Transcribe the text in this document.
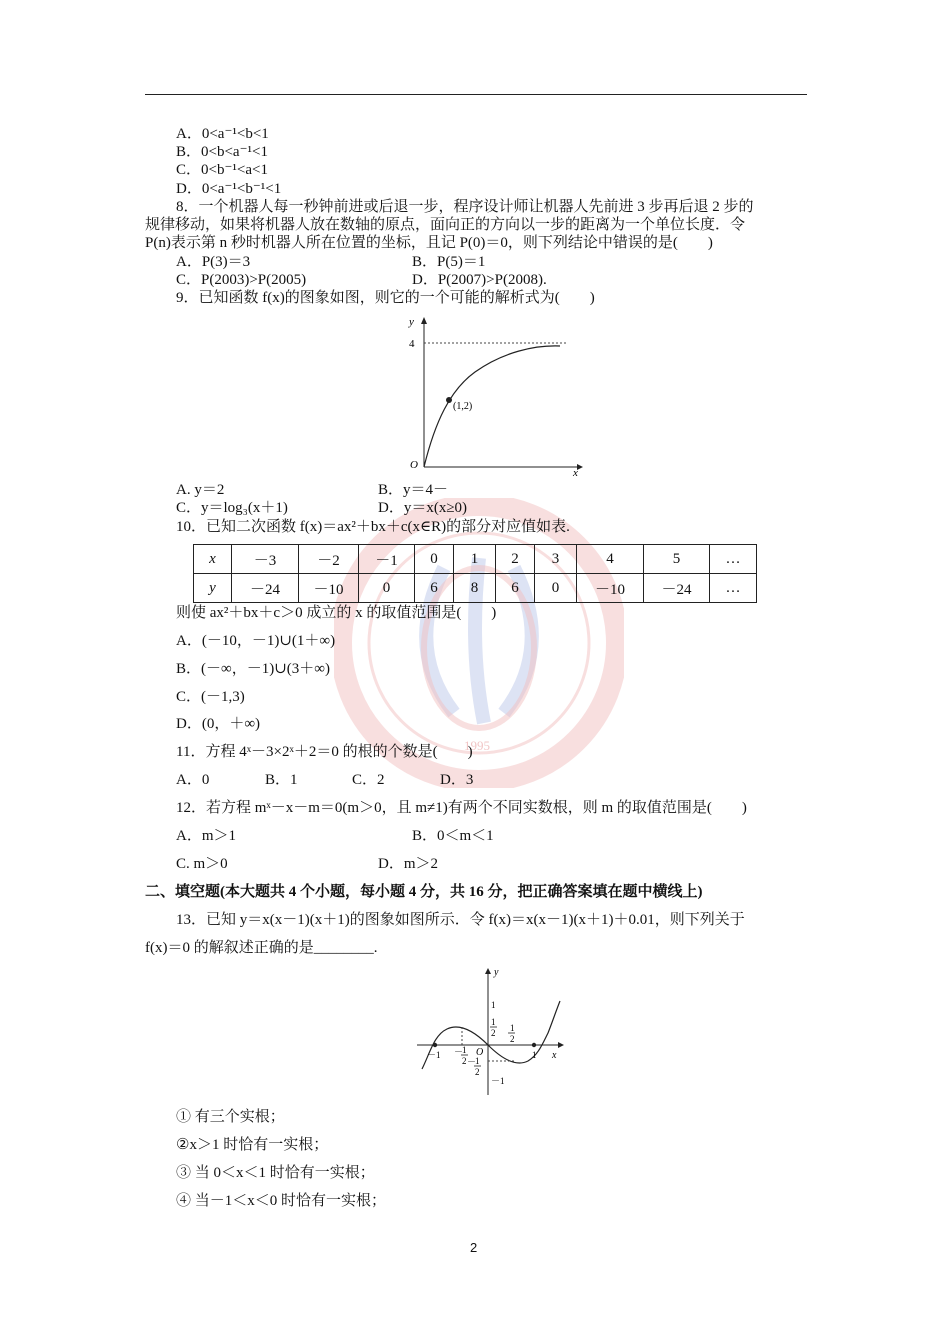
1995
A．0<a⁻¹<b<1
B．0<b<a⁻¹<1
C．0<b⁻¹<a<1
D．0<a⁻¹<b⁻¹<1
8．一个机器人每一秒钟前进或后退一步，程序设计师让机器人先前进 3 步再后退 2 步的
规律移动，如果将机器人放在数轴的原点，面向正的方向以一步的距离为一个单位长度．令
P(n)表示第 n 秒时机器人所在位置的坐标，且记 P(0)＝0，则下列结论中错误的是(　　)
A．P(3)＝3	B．P(5)＝1
C．P(2003)>P(2005)	D．P(2007)>P(2008).
9．已知函数 f(x)的图象如图，则它的一个可能的解析式为(　　)
y
x
O
4
(1,2)
A. y＝2	B．y＝4－
C．y＝log₃(x＋1)	D．y＝x(x≥0)
10．已知二次函数 f(x)＝ax²＋bx＋c(x∈R)的部分对应值如表.
x	－3	－2	－1	0	1	2	3	4	5	…
y	－24	－10	0	6	8	6	0	－10	－24	…
则使 ax²＋bx＋c＞0 成立的 x 的取值范围是(　　)
A．(－10，－1)∪(1＋∞)
B．(－∞，－1)∪(3＋∞)
C．(－1,3)
D．(0，＋∞)
11．方程 4ˣ－3×2ˣ＋2＝0 的根的个数是(　　)
A．0	B．1	C．2	D．3
12．若方程 mˣ－x－m＝0(m＞0，且 m≠1)有两个不同实数根，则 m 的取值范围是(　　)
A．m＞1	B．0＜m＜1
C. m＞0	D．m＞2
二、填空题(本大题共 4 个小题，每小题 4 分，共 16 分，把正确答案填在题中横线上)
13．已知 y＝x(x－1)(x＋1)的图象如图所示．令 f(x)＝x(x－1)(x＋1)＋0.01，则下列关于
f(x)＝0 的解叙述正确的是________.
y
x
O
－1	1
1
－1
1
2 1
2
－
1
2 －
1
2
① 有三个实根；
②x＞1 时恰有一实根；
③ 当 0＜x＜1 时恰有一实根；
④ 当－1＜x＜0 时恰有一实根；
2
